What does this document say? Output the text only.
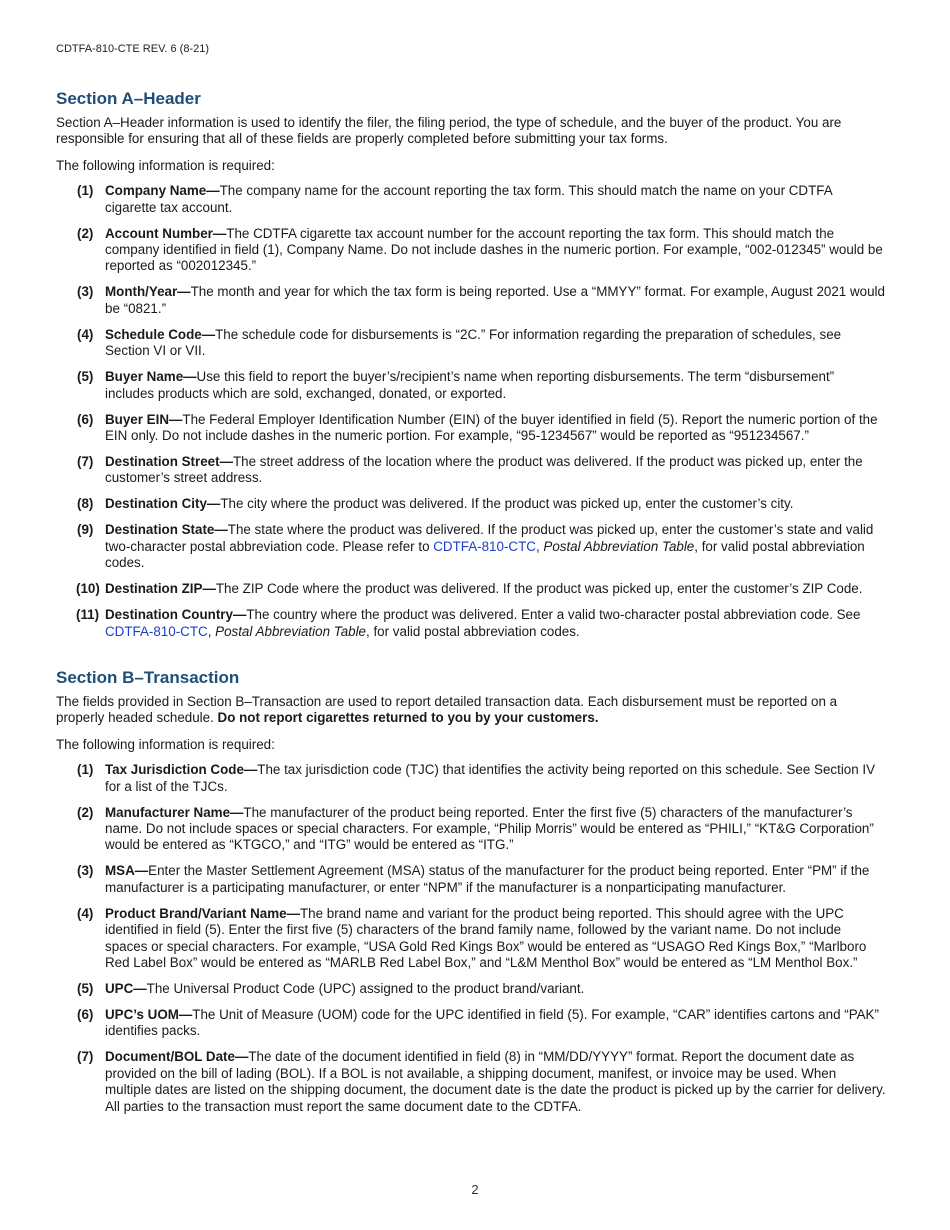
CDTFA-810-CTE REV. 6 (8-21)
Section A–Header

Section A–Header information is used to identify the filer, the filing period, the type of schedule, and the buyer of the product. You are responsible for ensuring that all of these fields are properly completed before submitting your tax forms.

The following information is required:

(1) Company Name—The company name for the account reporting the tax form. This should match the name on your CDTFA cigarette tax account.
(2) Account Number—The CDTFA cigarette tax account number for the account reporting the tax form. This should match the company identified in field (1), Company Name. Do not include dashes in the numeric portion. For example, “002-012345” would be reported as “002012345.”
(3) Month/Year—The month and year for which the tax form is being reported. Use a “MMYY” format. For example, August 2021 would be “0821.”
(4) Schedule Code—The schedule code for disbursements is “2C.” For information regarding the preparation of schedules, see Section VI or VII.
(5) Buyer Name—Use this field to report the buyer’s/recipient’s name when reporting disbursements. The term “disbursement” includes products which are sold, exchanged, donated, or exported.
(6) Buyer EIN—The Federal Employer Identification Number (EIN) of the buyer identified in field (5). Report the numeric portion of the EIN only. Do not include dashes in the numeric portion. For example, “95-1234567” would be reported as “951234567.”
(7) Destination Street—The street address of the location where the product was delivered. If the product was picked up, enter the customer’s street address.
(8) Destination City—The city where the product was delivered. If the product was picked up, enter the customer’s city.
(9) Destination State—The state where the product was delivered. If the product was picked up, enter the customer’s state and valid two-character postal abbreviation code. Please refer to CDTFA-810-CTC, Postal Abbreviation Table, for valid postal abbreviation codes.
(10) Destination ZIP—The ZIP Code where the product was delivered. If the product was picked up, enter the customer’s ZIP Code.
(11) Destination Country—The country where the product was delivered. Enter a valid two-character postal abbreviation code. See CDTFA-810-CTC, Postal Abbreviation Table, for valid postal abbreviation codes.
Section B–Transaction

The fields provided in Section B–Transaction are used to report detailed transaction data. Each disbursement must be reported on a properly headed schedule. Do not report cigarettes returned to you by your customers.

The following information is required:

(1) Tax Jurisdiction Code—The tax jurisdiction code (TJC) that identifies the activity being reported on this schedule. See Section IV for a list of the TJCs.
(2) Manufacturer Name—The manufacturer of the product being reported. Enter the first five (5) characters of the manufacturer’s name. Do not include spaces or special characters. For example, “Philip Morris” would be entered as “PHILI,” “KT&G Corporation” would be entered as “KTGCO,” and “ITG” would be entered as “ITG.”
(3) MSA—Enter the Master Settlement Agreement (MSA) status of the manufacturer for the product being reported. Enter “PM” if the manufacturer is a participating manufacturer, or enter “NPM” if the manufacturer is a nonparticipating manufacturer.
(4) Product Brand/Variant Name—The brand name and variant for the product being reported. This should agree with the UPC identified in field (5). Enter the first five (5) characters of the brand family name, followed by the variant name. Do not include spaces or special characters. For example, “USA Gold Red Kings Box” would be entered as “USAGO Red Kings Box,” “Marlboro Red Label Box” would be entered as “MARLB Red Label Box,” and “L&M Menthol Box” would be entered as “LM Menthol Box.”
(5) UPC—The Universal Product Code (UPC) assigned to the product brand/variant.
(6) UPC’s UOM—The Unit of Measure (UOM) code for the UPC identified in field (5). For example, “CAR” identifies cartons and “PAK” identifies packs.
(7) Document/BOL Date—The date of the document identified in field (8) in “MM/DD/YYYY” format. Report the document date as provided on the bill of lading (BOL). If a BOL is not available, a shipping document, manifest, or invoice may be used. When multiple dates are listed on the shipping document, the document date is the date the product is picked up by the carrier for delivery. All parties to the transaction must report the same document date to the CDTFA.
2
